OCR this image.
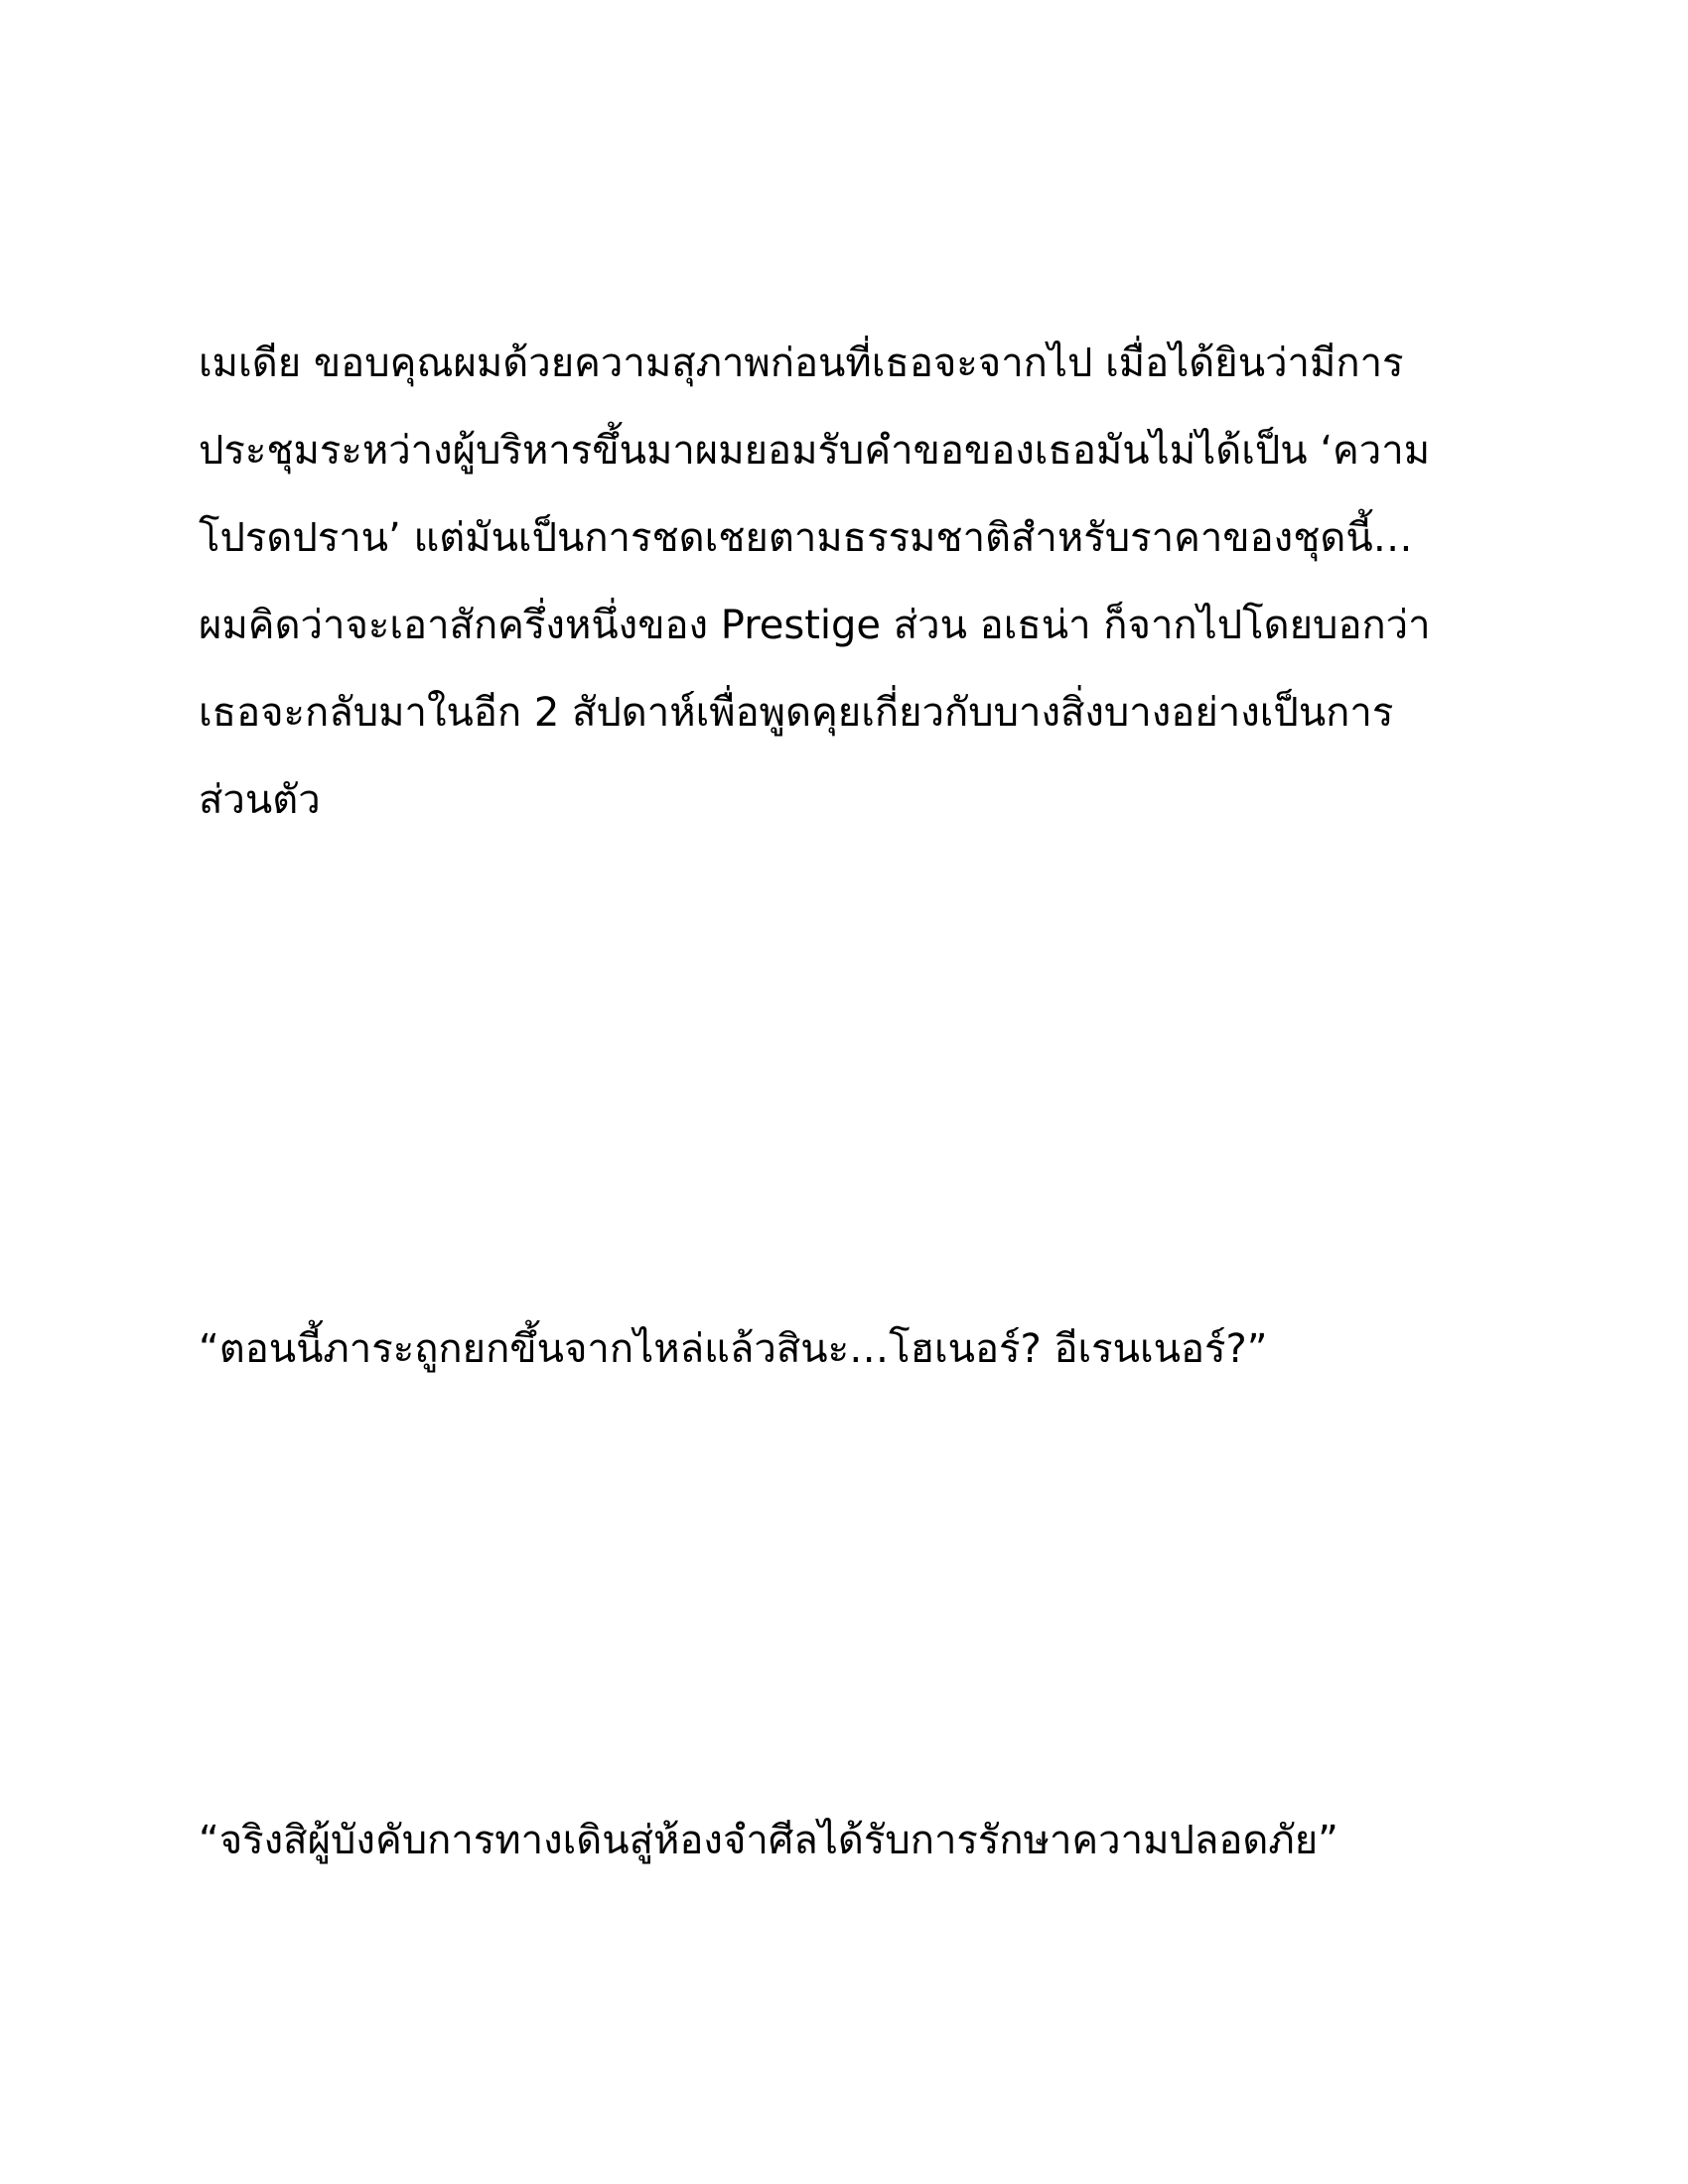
เมเดีย ขอบคุณผมด้วยความสุภาพก่อนที่เธอจะจากไป เมื่อได้ยินว่ามีการ
ประชุมระหว่างผู้บริหารขึ้นมาผมยอมรับคำขอของเธอมันไม่ได้เป็น ‘ความ
โปรดปราน’ แต่มันเป็นการชดเชยตามธรรมชาติสำหรับราคาของชุดนี้…
ผมคิดว่าจะเอาสักครึ่งหนึ่งของ Prestige ส่วน อเธน่า ก็จากไปโดยบอกว่า
เธอจะกลับมาในอีก 2 สัปดาห์เพื่อพูดคุยเกี่ยวกับบางสิ่งบางอย่างเป็นการ
ส่วนตัว
“ตอนนี้ภาระถูกยกขึ้นจากไหล่แล้วสินะ…โฮเนอร์? อีเรนเนอร์?”
“จริงสิผู้บังคับการทางเดินสู่ห้องจำศีลได้รับการรักษาความปลอดภัย”
